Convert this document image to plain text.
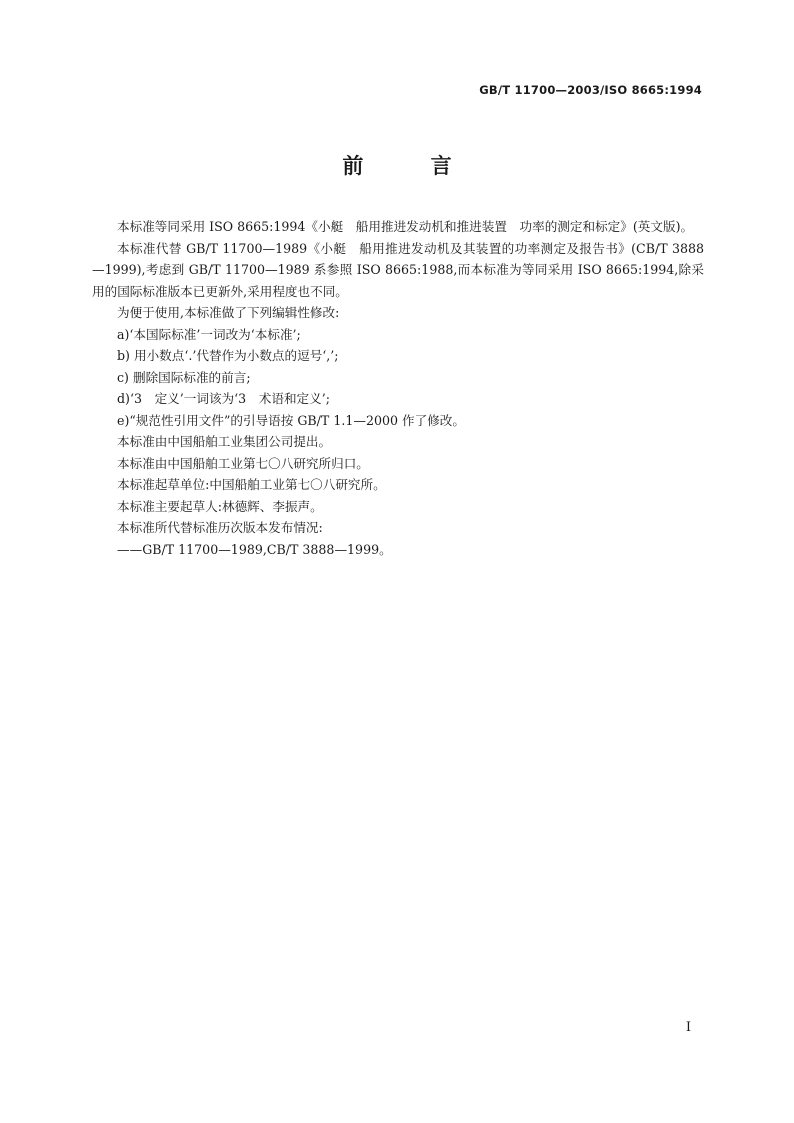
GB/T 11700—2003/ISO 8665:1994
前 言

本标准等同采用 ISO 8665:1994《小艇　船用推进发动机和推进装置　功率的测定和标定》(英文版)。

本标准代替 GB/T 11700—1989《小艇　船用推进发动机及其装置的功率测定及报告书》(CB/T 3888—1999),考虑到 GB/T 11700—1989 系参照 ISO 8665:1988,而本标准为等同采用 ISO 8665:1994,除采用的国际标准版本已更新外,采用程度也不同。

为便于使用,本标准做了下列编辑性修改:

a)‘本国际标准’一词改为‘本标准’;

b) 用小数点‘.’代替作为小数点的逗号‘,’;

c) 删除国际标准的前言;

d)‘3　定义’一词该为‘3　术语和定义’;

e)“规范性引用文件”的引导语按 GB/T 1.1—2000 作了修改。

本标准由中国船舶工业集团公司提出。

本标准由中国船舶工业第七〇八研究所归口。

本标准起草单位:中国船舶工业第七〇八研究所。

本标准主要起草人:林德辉、李振声。

本标准所代替标准历次版本发布情况:

——GB/T 11700—1989,CB/T 3888—1999。

I
